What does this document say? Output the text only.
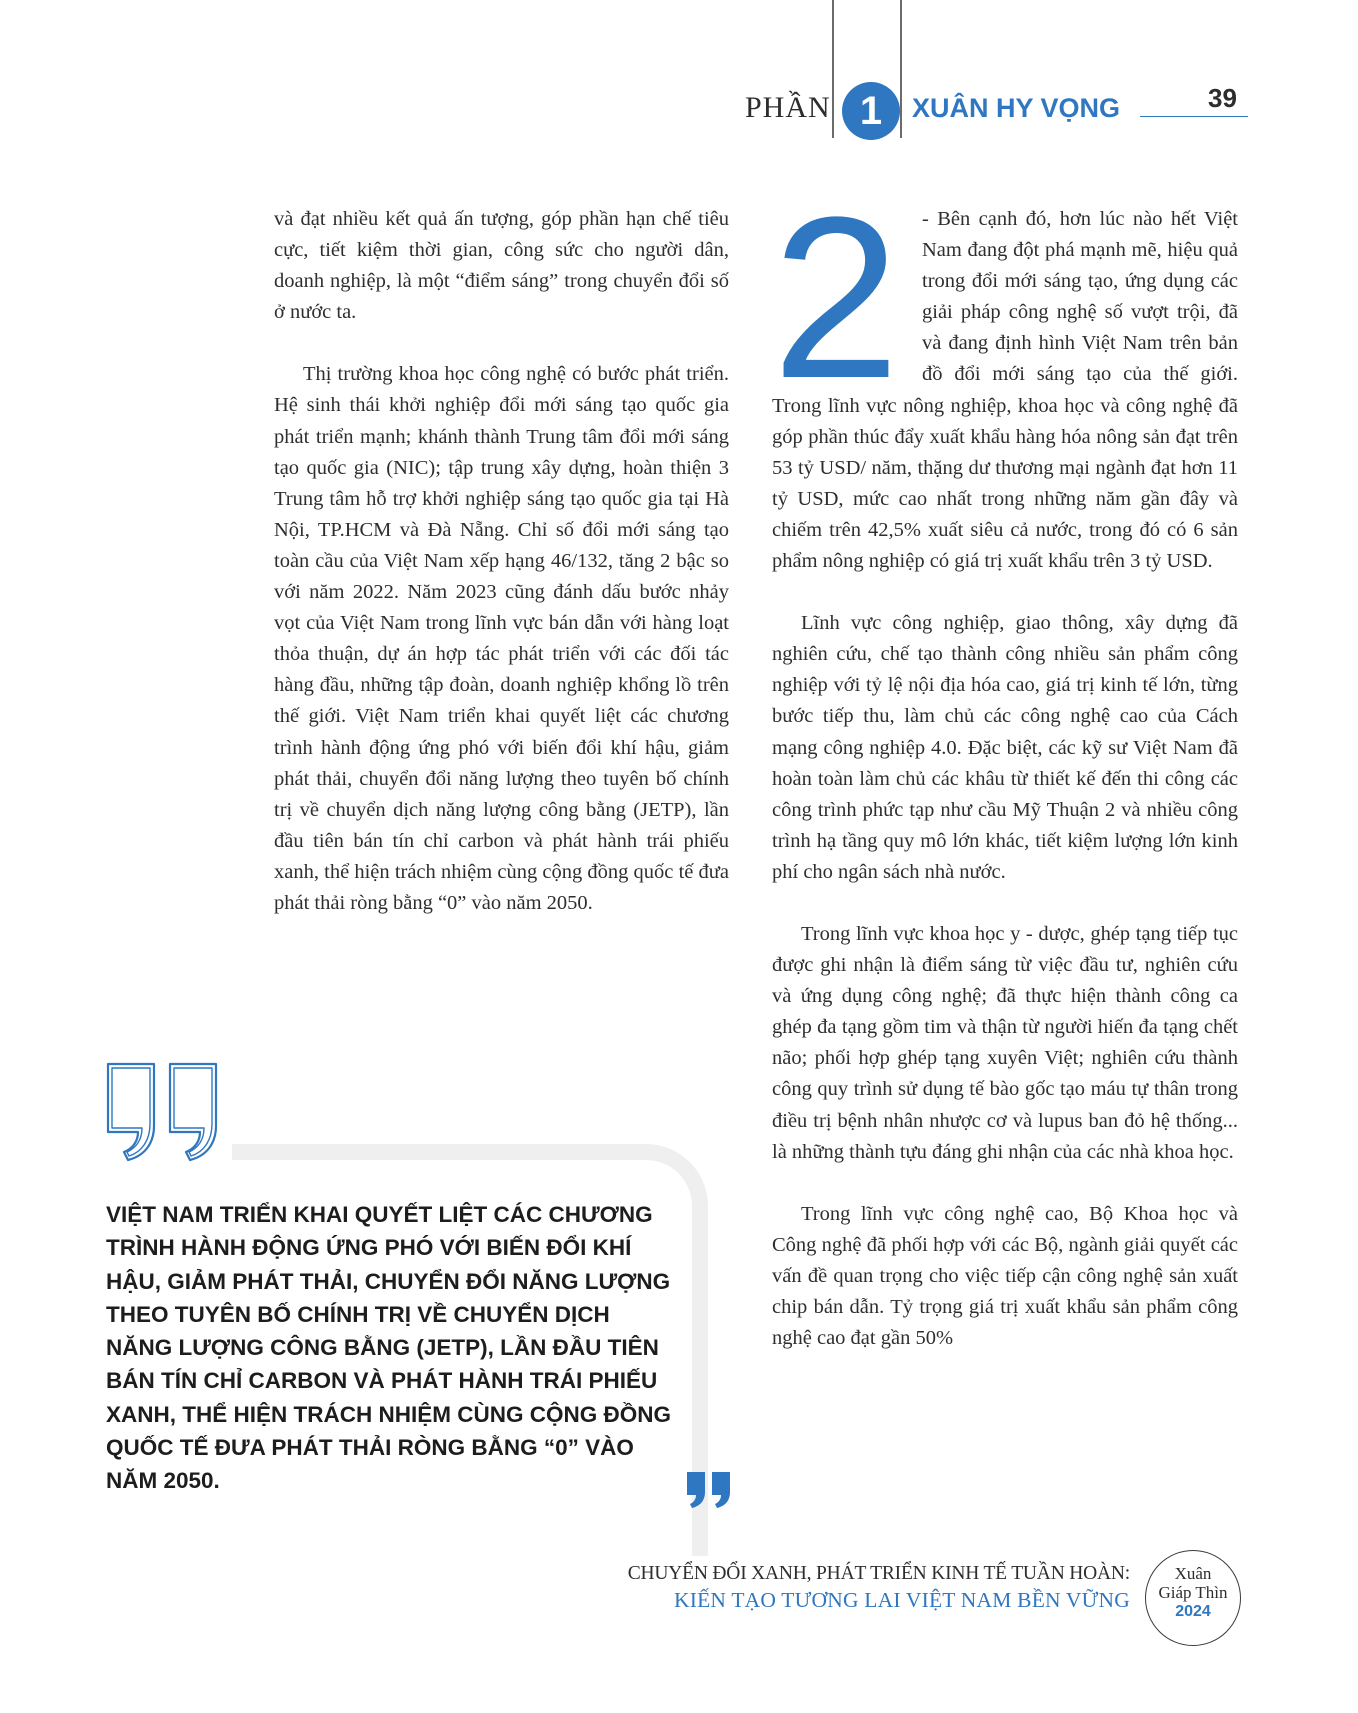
PHẦN 1	XUÂN HY VỌNG	39

và đạt nhiều kết quả ấn tượng, góp phần hạn chế tiêu cực, tiết kiệm thời gian, công sức cho người dân, doanh nghiệp, là một “điểm sáng” trong chuyển đổi số ở nước ta.

Thị trường khoa học công nghệ có bước phát triển. Hệ sinh thái khởi nghiệp đổi mới sáng tạo quốc gia phát triển mạnh; khánh thành Trung tâm đổi mới sáng tạo quốc gia (NIC); tập trung xây dựng, hoàn thiện 3 Trung tâm hỗ trợ khởi nghiệp sáng tạo quốc gia tại Hà Nội, TP.HCM và Đà Nẵng. Chỉ số đổi mới sáng tạo toàn cầu của Việt Nam xếp hạng 46/132, tăng 2 bậc so với năm 2022. Năm 2023 cũng đánh dấu bước nhảy vọt của Việt Nam trong lĩnh vực bán dẫn với hàng loạt thỏa thuận, dự án hợp tác phát triển với các đối tác hàng đầu, những tập đoàn, doanh nghiệp khổng lồ trên thế giới. Việt Nam triển khai quyết liệt các chương trình hành động ứng phó với biến đổi khí hậu, giảm phát thải, chuyển đổi năng lượng theo tuyên bố chính trị về chuyển dịch năng lượng công bằng (JETP), lần đầu tiên bán tín chỉ carbon và phát hành trái phiếu xanh, thể hiện trách nhiệm cùng cộng đồng quốc tế đưa phát thải ròng bằng “0” vào năm 2050.

2	- Bên cạnh đó, hơn lúc nào hết Việt Nam đang đột phá mạnh mẽ, hiệu quả trong đổi mới sáng tạo, ứng dụng các giải pháp công nghệ số vượt trội, đã và đang định hình Việt Nam trên bản đồ đổi mới sáng tạo của thế giới. Trong lĩnh vực nông nghiệp, khoa học và công nghệ đã góp phần thúc đẩy xuất khẩu hàng hóa nông sản đạt trên 53 tỷ USD/ năm, thặng dư thương mại ngành đạt hơn 11 tỷ USD, mức cao nhất trong những năm gần đây và chiếm trên 42,5% xuất siêu cả nước, trong đó có 6 sản phẩm nông nghiệp có giá trị xuất khẩu trên 3 tỷ USD.

Lĩnh vực công nghiệp, giao thông, xây dựng đã nghiên cứu, chế tạo thành công nhiều sản phẩm công nghiệp với tỷ lệ nội địa hóa cao, giá trị kinh tế lớn, từng bước tiếp thu, làm chủ các công nghệ cao của Cách mạng công nghiệp 4.0. Đặc biệt, các kỹ sư Việt Nam đã hoàn toàn làm chủ các khâu từ thiết kế đến thi công các công trình phức tạp như cầu Mỹ Thuận 2 và nhiều công trình hạ tầng quy mô lớn khác, tiết kiệm lượng lớn kinh phí cho ngân sách nhà nước.

Trong lĩnh vực khoa học y - dược, ghép tạng tiếp tục được ghi nhận là điểm sáng từ việc đầu tư, nghiên cứu và ứng dụng công nghệ; đã thực hiện thành công ca ghép đa tạng gồm tim và thận từ người hiến đa tạng chết não; phối hợp ghép tạng xuyên Việt; nghiên cứu thành công quy trình sử dụng tế bào gốc tạo máu tự thân trong điều trị bệnh nhân nhược cơ và lupus ban đỏ hệ thống... là những thành tựu đáng ghi nhận của các nhà khoa học.

Trong lĩnh vực công nghệ cao, Bộ Khoa học và Công nghệ đã phối hợp với các Bộ, ngành giải quyết các vấn đề quan trọng cho việc tiếp cận công nghệ sản xuất chip bán dẫn. Tỷ trọng giá trị xuất khẩu sản phẩm công nghệ cao đạt gần 50%

VIỆT NAM TRIỂN KHAI QUYẾT LIỆT CÁC CHƯƠNG TRÌNH HÀNH ĐỘNG ỨNG PHÓ VỚI BIẾN ĐỔI KHÍ HẬU, GIẢM PHÁT THẢI, CHUYỂN ĐỔI NĂNG LƯỢNG THEO TUYÊN BỐ CHÍNH TRỊ VỀ CHUYỂN DỊCH NĂNG LƯỢNG CÔNG BẰNG (JETP), LẦN ĐẦU TIÊN BÁN TÍN CHỈ CARBON VÀ PHÁT HÀNH TRÁI PHIẾU XANH, THỂ HIỆN TRÁCH NHIỆM CÙNG CỘNG ĐỒNG QUỐC TẾ ĐƯA PHÁT THẢI RÒNG BẰNG “0” VÀO NĂM 2050.
CHUYỂN ĐỔI XANH, PHÁT TRIỂN KINH TẾ TUẦN HOÀN:
KIẾN TẠO TƯƠNG LAI VIỆT NAM BỀN VỮNG
Xuân
Giáp Thìn
2024
